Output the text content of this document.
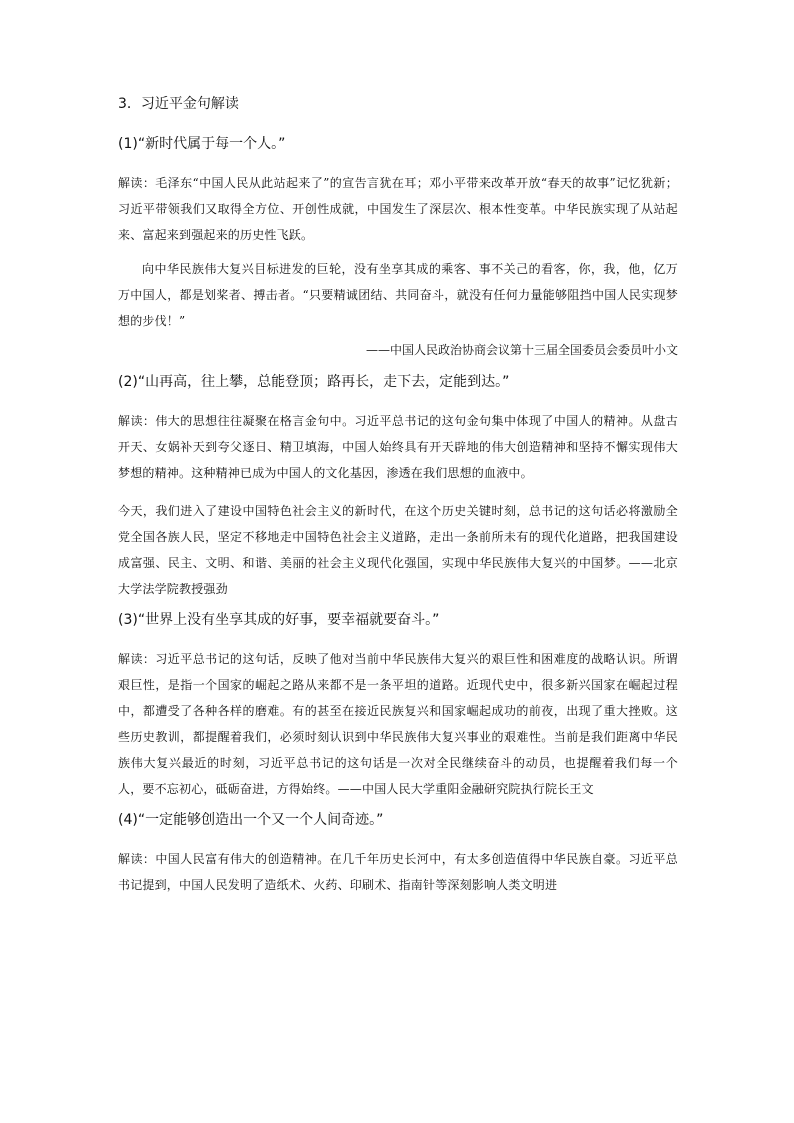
3．习近平金句解读
(1)“新时代属于每一个人。”

解读：毛泽东“中国人民从此站起来了”的宣告言犹在耳；邓小平带来改革开放“春天的故事”记忆犹新；习近平带领我们又取得全方位、开创性成就，中国发生了深层次、根本性变革。中华民族实现了从站起来、富起来到强起来的历史性飞跃。

向中华民族伟大复兴目标进发的巨轮，没有坐享其成的乘客、事不关己的看客，你，我，他，亿万万中国人，都是划桨者、搏击者。“只要精诚团结、共同奋斗，就没有任何力量能够阻挡中国人民实现梦想的步伐！”

——中国人民政治协商会议第十三届全国委员会委员叶小文
(2)“山再高，往上攀，总能登顶；路再长，走下去，定能到达。”

解读：伟大的思想往往凝聚在格言金句中。习近平总书记的这句金句集中体现了中国人的精神。从盘古开天、女娲补天到夸父逐日、精卫填海，中国人始终具有开天辟地的伟大创造精神和坚持不懈实现伟大梦想的精神。这种精神已成为中国人的文化基因，渗透在我们思想的血液中。

今天，我们进入了建设中国特色社会主义的新时代，在这个历史关键时刻，总书记的这句话必将激励全党全国各族人民，坚定不移地走中国特色社会主义道路，走出一条前所未有的现代化道路，把我国建设成富强、民主、文明、和谐、美丽的社会主义现代化强国，实现中华民族伟大复兴的中国梦。——北京大学法学院教授强劲

(3)“世界上没有坐享其成的好事，要幸福就要奋斗。”

解读：习近平总书记的这句话，反映了他对当前中华民族伟大复兴的艰巨性和困难度的战略认识。所谓艰巨性，是指一个国家的崛起之路从来都不是一条平坦的道路。近现代史中，很多新兴国家在崛起过程中，都遭受了各种各样的磨难。有的甚至在接近民族复兴和国家崛起成功的前夜，出现了重大挫败。这些历史教训，都提醒着我们，必须时刻认识到中华民族伟大复兴事业的艰难性。当前是我们距离中华民族伟大复兴最近的时刻，习近平总书记的这句话是一次对全民继续奋斗的动员，也提醒着我们每一个人，要不忘初心，砥砺奋进，方得始终。——中国人民大学重阳金融研究院执行院长王文

(4)“一定能够创造出一个又一个人间奇迹。”

解读：中国人民富有伟大的创造精神。在几千年历史长河中，有太多创造值得中华民族自豪。习近平总书记提到，中国人民发明了造纸术、火药、印刷术、指南针等深刻影响人类文明进
